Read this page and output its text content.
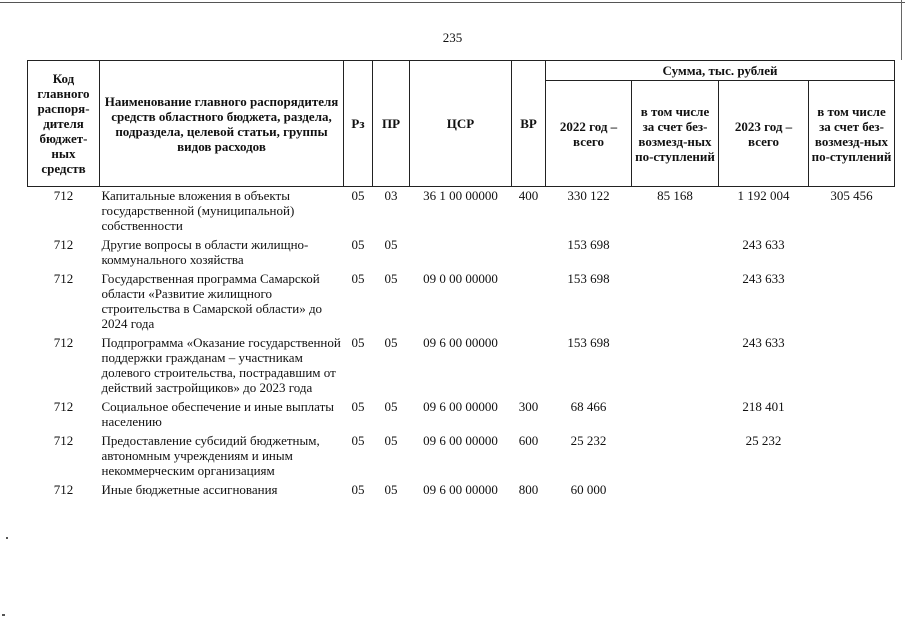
235
Код главного распоря-дителя бюджет-ных средств	Наименование главного распорядителя средств областного бюджета, раздела, подраздела, целевой статьи, группы видов расходов	Рз	ПР	ЦСР	ВР	Сумма, тыс. рублей			
						2022 год – всего	в том числе за счет без-возмезд-ных по-ступлений	2023 год – всего	в том числе за счет без-возмезд-ных по-ступлений
712	Капитальные вложения в объекты государственной (муниципальной) собственности	05	03	36 1 00 00000	400	330 122	85 168	1 192 004	305 456
712	Другие вопросы в области жилищно-коммунального хозяйства	05	05			153 698		243 633	
712	Государственная программа Самарской области «Развитие жилищного строительства в Самарской области» до 2024 года	05	05	09 0 00 00000		153 698		243 633	
712	Подпрограмма «Оказание государственной поддержки гражданам – участникам долевого строительства, пострадавшим от действий застройщиков» до 2023 года	05	05	09 6 00 00000		153 698		243 633	
712	Социальное обеспечение и иные выплаты населению	05	05	09 6 00 00000	300	68 466		218 401	
712	Предоставление субсидий бюджетным, автономным учреждениям и иным некоммерческим организациям	05	05	09 6 00 00000	600	25 232		25 232	
712	Иные бюджетные ассигнования	05	05	09 6 00 00000	800	60 000			
